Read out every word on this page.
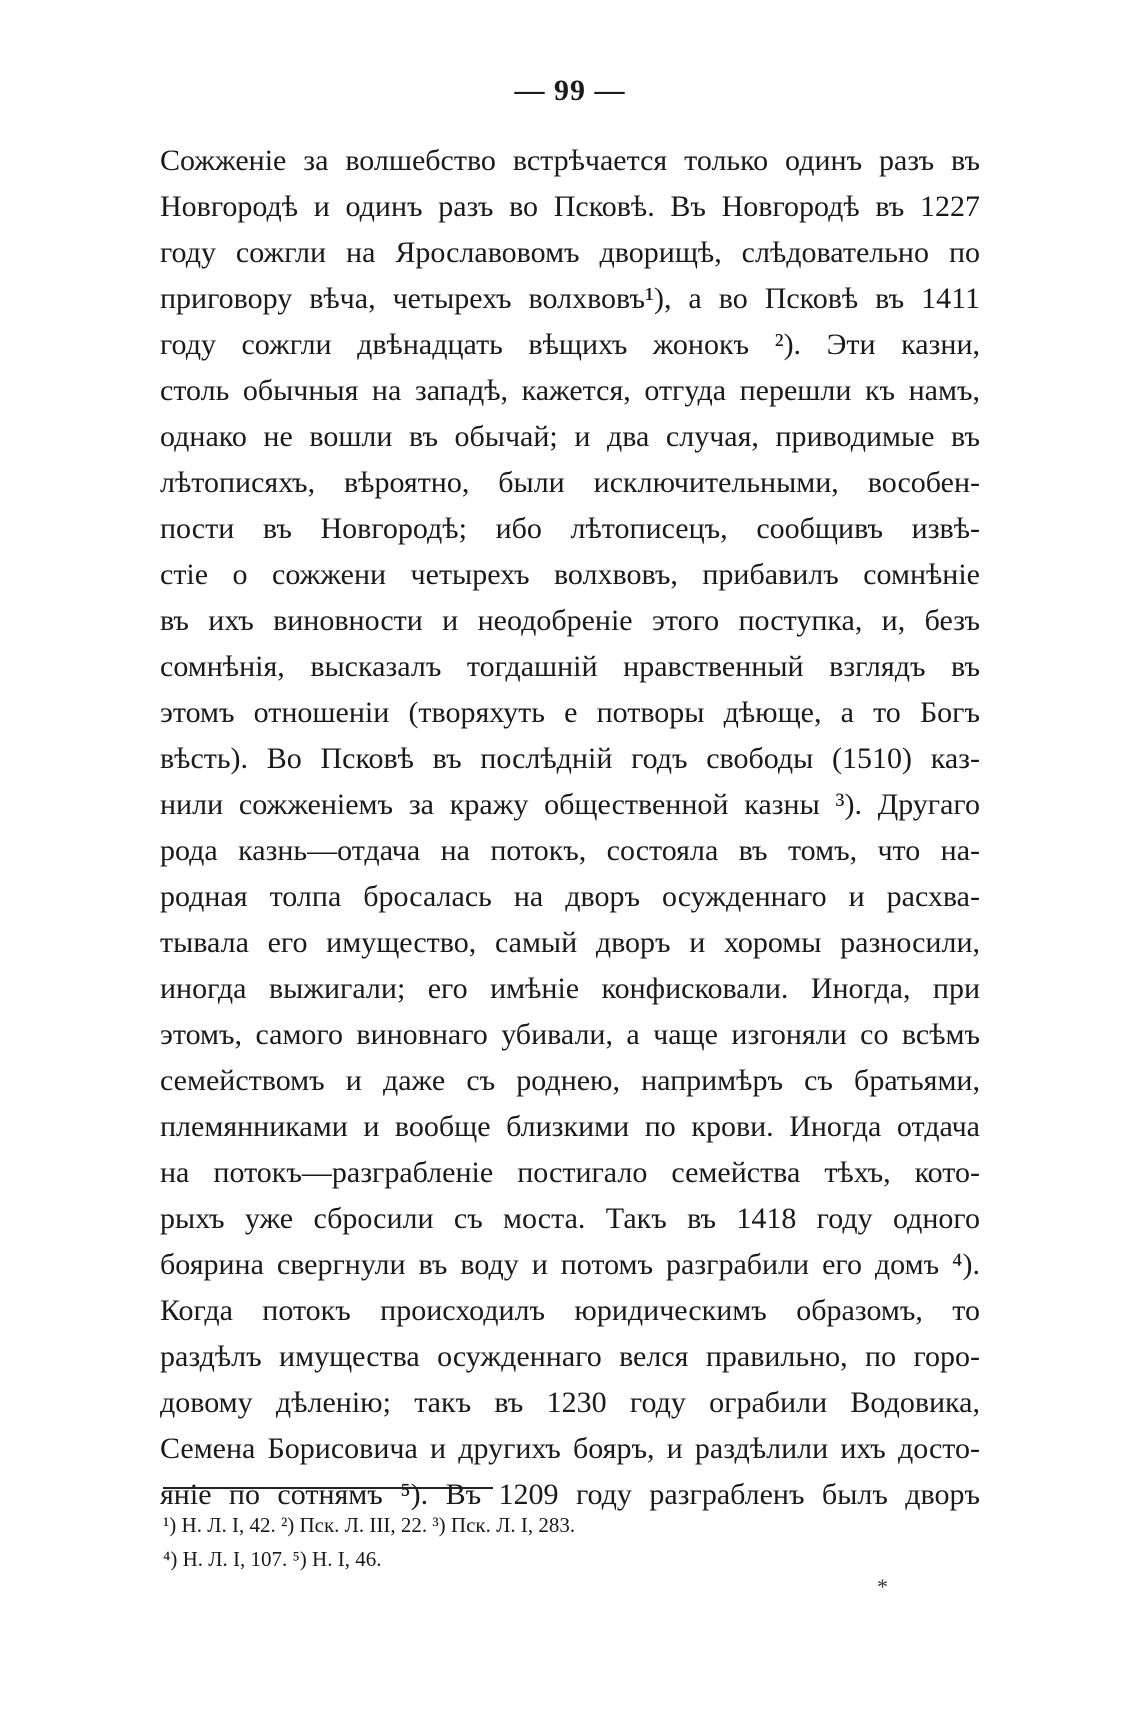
— 99 —
Сожженіе за волшебство встрѣчается только одинъ разъ въ
Новгородѣ и одинъ разъ во Псковѣ. Въ Новгородѣ въ 1227
году сожгли на Ярославовомъ дворищѣ, слѣдовательно по
приговору вѣча, четырехъ волхвовъ¹), а во Псковѣ въ 1411
году сожгли двѣнадцать вѣщихъ жонокъ ²). Эти казни,
столь обычныя на западѣ, кажется, отгуда перешли къ намъ,
однако не вошли въ обычай; и два случая, приводимые въ
лѣтописяхъ, вѣроятно, были исключительными, вособен-
пости въ Новгородѣ; ибо лѣтописецъ, сообщивъ извѣ-
стіе о сожжени четырехъ волхвовъ, прибавилъ сомнѣніе
въ ихъ виновности и неодобреніе этого поступка, и, безъ
сомнѣнія, высказалъ тогдашній нравственный взглядъ въ
этомъ отношеніи (творяхуть е потворы дѣюще, а то Богъ
вѣсть). Во Псковѣ въ послѣдній годъ свободы (1510) каз-
нили сожженіемъ за кражу общественной казны ³). Другаго
рода казнь—отдача на потокъ, состояла въ томъ, что на-
родная толпа бросалась на дворъ осужденнаго и расхва-
тывала его имущество, самый дворъ и хоромы разносили,
иногда выжигали; его имѣніе конфисковали. Иногда, при
этомъ, самого виновнаго убивали, а чаще изгоняли со всѣмъ
семействомъ и даже съ роднею, напримѣръ съ братьями,
племянниками и вообще близкими по крови. Иногда отдача
на потокъ—разграбленіе постигало семейства тѣхъ, кото-
рыхъ уже сбросили съ моста. Такъ въ 1418 году одного
боярина свергнули въ воду и потомъ разграбили его домъ ⁴).
Когда потокъ происходилъ юридическимъ образомъ, то
раздѣлъ имущества осужденнаго велся правильно, по горо-
довому дѣленію; такъ въ 1230 году ограбили Водовика,
Семена Борисовича и другихъ бояръ, и раздѣлили ихъ досто-
яніе по сотнямъ ⁵). Въ 1209 году разграбленъ былъ дворъ
¹) Н. Л. I, 42. ²) Пск. Л. III, 22. ³) Пск. Л. I, 283.
⁴) Н. Л. I, 107. ⁵) Н. I, 46.
*
